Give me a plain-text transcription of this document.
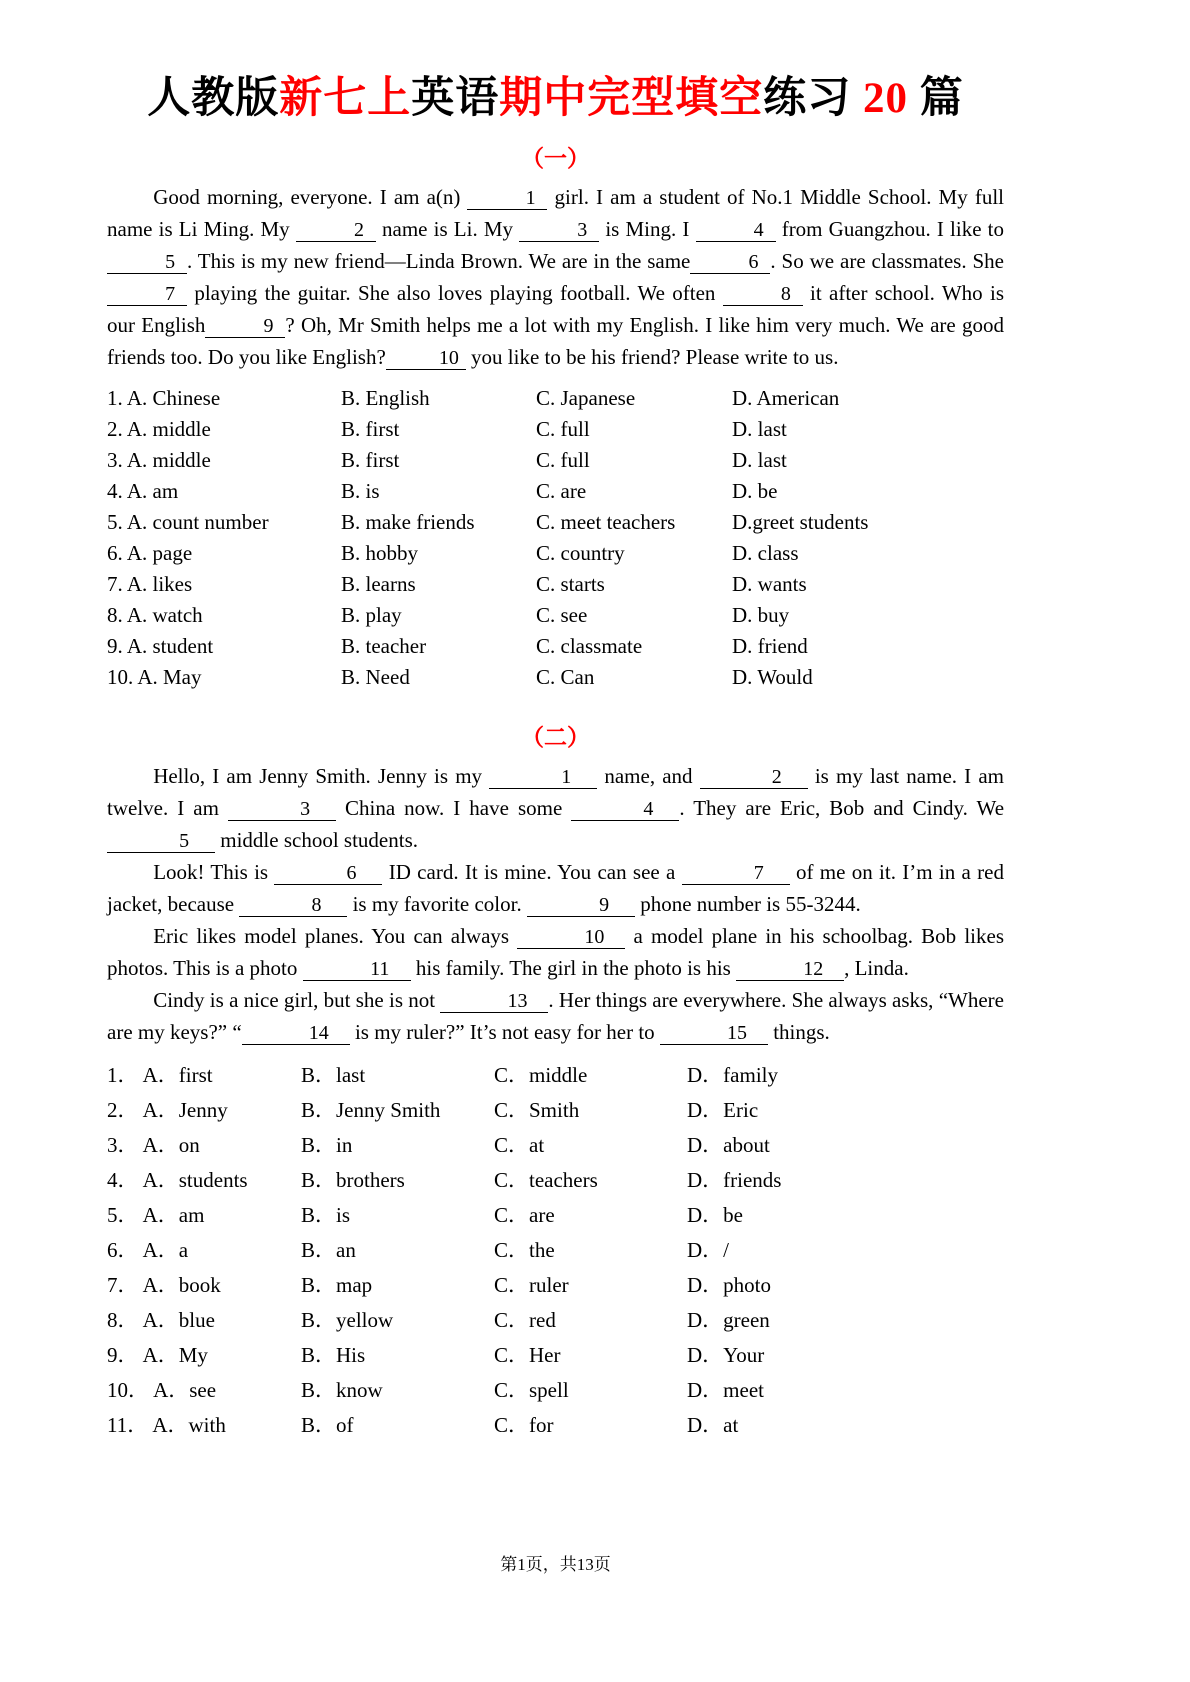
人教版新七上英语期中完型填空练习 20 篇
（一）

Good morning, everyone. I am a(n)	1 girl. I am a student of No.1 Middle School. My full name is Li Ming. My	2 name is Li. My	3 is Ming. I	4 from Guangzhou. I like to5 . This is my new friend—Linda Brown. We are in the same	6 . So we are classmates. She7 playing the guitar. She also loves playing football. We often	8 it after school. Who is our English	9 ? Oh, Mr Smith helps me a lot with my English. I like him very much. We are good friends too. Do you like English?	10 you like to be his friend? Please write to us.

1. A. Chinese	B. English	C. Japanese	D. American
2. A. middle	B. first	C. full	D. last
3. A. middle	B. first	C. full	D. last
4. A. am	B. is	C. are	D. be
5. A. count number	B. make friends	C. meet teachers	D.greet students
6. A. page	B. hobby	C. country	D. class
7. A. likes	B. learns	C. starts	D. wants
8. A. watch	B. play	C. see	D. buy
9. A. student	B. teacher	C. classmate	D. friend
10. A. May	B. Need	C. Can	D. Would
（二）

Hello, I am Jenny Smith. Jenny is my	1 name, and	2 is my last name. I am twelve. I am	3 China now. I have some	4 . They are Eric, Bob and Cindy. We 5 middle school students.

Look! This is	6 ID card. It is mine. You can see a	7 of me on it. I’m in a red jacket, because	8 is my favorite color.	9 phone number is 55-3244.

Eric likes model planes. You can always	10 a model plane in his schoolbag. Bob likes photos. This is a photo	11 his family. The girl in the photo is his	12 , Linda.

Cindy is a nice girl, but she is not	13 . Her things are everywhere. She always asks, “Where are my keys?” “	14 is my ruler?” It’s not easy for her to	15 things.

1． A．first	B．last	C．middle	D．family
2． A．Jenny	B．Jenny Smith	C．Smith	D．Eric
3． A．on	B．in	C．at	D．about
4． A．students	B．brothers	C．teachers	D．friends
5． A．am	B．is	C．are	D．be
6． A．a	B．an	C．the	D．/
7． A．book	B．map	C．ruler	D．photo
8． A．blue	B．yellow	C．red	D．green
9． A．My	B．His	C．Her	D．Your
10． A．see	B．know	C．spell	D．meet
11． A．with	B．of	C．for	D．at
第1页，共13页
